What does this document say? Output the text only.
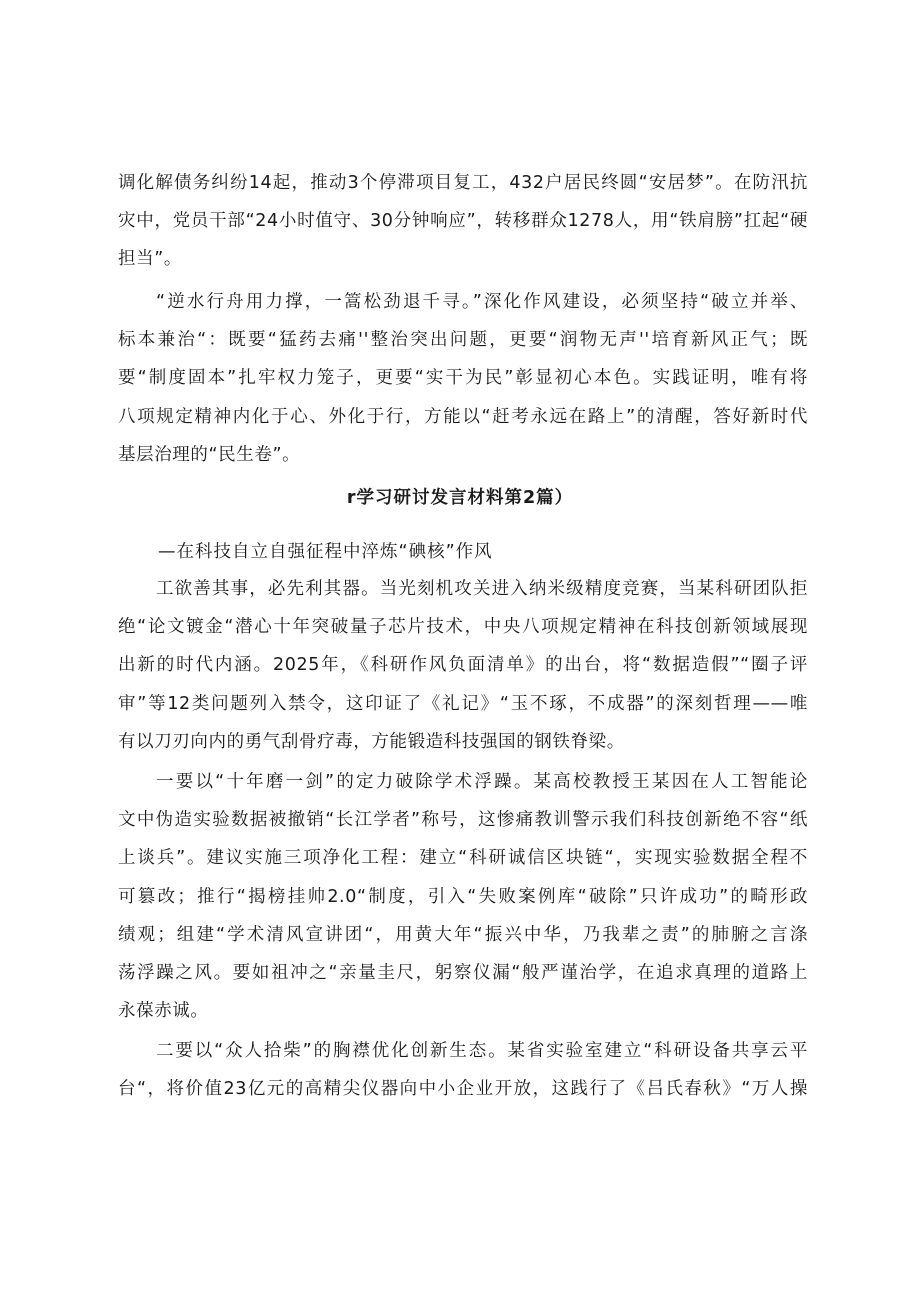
调化解债务纠纷14起，推动3个停滞项目复工，432户居民终圆“安居梦”。在防汛抗
灾中，党员干部“24小时值守、30分钟响应”，转移群众1278人，用“铁肩膀”扛起“硬
担当”。
“逆水行舟用力撑，一篙松劲退千寻。”深化作风建设，必须坚持“破立并举、
标本兼治“：既要“猛药去痛''整治突出问题，更要“润物无声''培育新风正气；既
要“制度固本”扎牢权力笼子，更要“实干为民”彰显初心本色。实践证明，唯有将
八项规定精神内化于心、外化于行，方能以“赶考永远在路上”的清醒，答好新时代
基层治理的“民生卷”。
r学习研讨发言材料第2篇）
—在科技自立自强征程中淬炼“碘核”作风
工欲善其事，必先利其器。当光刻机攻关进入纳米级精度竞赛，当某科研团队拒
绝“论文镀金“潜心十年突破量子芯片技术，中央八项规定精神在科技创新领域展现
出新的时代内涵。2025年，《科研作风负面清单》的出台，将“数据造假”“圈子评
审”等12类问题列入禁令，这印证了《礼记》“玉不琢，不成器”的深刻哲理——唯
有以刀刃向内的勇气刮骨疗毒，方能锻造科技强国的钢铁脊梁。
一要以“十年磨一剑”的定力破除学术浮躁。某高校教授王某因在人工智能论
文中伪造实验数据被撤销“长江学者”称号，这惨痛教训警示我们科技创新绝不容“纸
上谈兵”。建议实施三项净化工程：建立“科研诚信区块链“，实现实验数据全程不
可篡改；推行“揭榜挂帅2.0“制度，引入“失败案例库“破除”只许成功”的畸形政
绩观；组建“学术清风宣讲团“，用黄大年“振兴中华，乃我辈之责”的肺腑之言涤
荡浮躁之风。要如祖冲之“亲量圭尺，躬察仪漏“般严谨治学，在追求真理的道路上
永葆赤诚。
二要以“众人拾柴”的胸襟优化创新生态。某省实验室建立“科研设备共享云平
台“，将价值23亿元的高精尖仪器向中小企业开放，这践行了《吕氏春秋》“万人操
